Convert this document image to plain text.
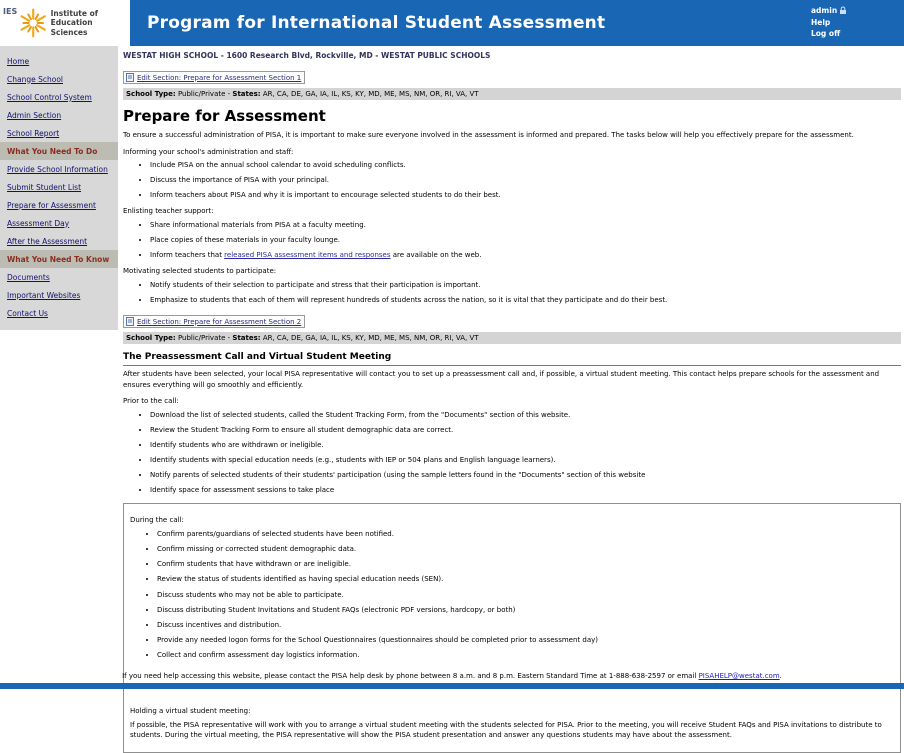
IES	Institute of
Education Sciences	Program for International Student Assessment
admin
Help
Log off
Home
Change School
School Control System
Admin Section
School Report
What You Need To Do
Provide School Information
Submit Student List
Prepare for Assessment
Assessment Day
After the Assessment
What You Need To Know
Documents
Important Websites
Contact Us
WESTAT HIGH SCHOOL - 1600 Research Blvd, Rockville, MD - WESTAT PUBLIC SCHOOLS
Edit Section: Prepare for Assessment Section 1
School Type: Public/Private - States: AR, CA, DE, GA, IA, IL, KS, KY, MD, ME, MS, NM, OR, RI, VA, VT
Prepare for Assessment

To ensure a successful administration of PISA, it is important to make sure everyone involved in the assessment is informed and prepared. The tasks below will help you effectively prepare for the assessment.

Informing your school's administration and staff:
• Include PISA on the annual school calendar to avoid scheduling conflicts.
• Discuss the importance of PISA with your principal.
• Inform teachers about PISA and why it is important to encourage selected students to do their best.
Enlisting teacher support:
• Share informational materials from PISA at a faculty meeting.
• Place copies of these materials in your faculty lounge.
• Inform teachers that released PISA assessment items and responses are available on the web.
Motivating selected students to participate:
• Notify students of their selection to participate and stress that their participation is important.
• Emphasize to students that each of them will represent hundreds of students across the nation, so it is vital that they participate and do their best.
Edit Section: Prepare for Assessment Section 2
School Type: Public/Private - States: AR, CA, DE, GA, IA, IL, KS, KY, MD, ME, MS, NM, OR, RI, VA, VT
The Preassessment Call and Virtual Student Meeting

After students have been selected, your local PISA representative will contact you to set up a preassessment call and, if possible, a virtual student meeting. This contact helps prepare schools for the assessment and ensures everything will go smoothly and efficiently.

Prior to the call:
• Download the list of selected students, called the Student Tracking Form, from the "Documents" section of this website.
• Review the Student Tracking Form to ensure all student demographic data are correct.
• Identify students who are withdrawn or ineligible.
• Identify students with special education needs (e.g., students with IEP or 504 plans and English language learners).
• Notify parents of selected students of their students' participation (using the sample letters found in the "Documents" section of this website
• Identify space for assessment sessions to take place
During the call:
• Confirm parents/guardians of selected students have been notified.
• Confirm missing or corrected student demographic data.
• Confirm students that have withdrawn or are ineligible.
• Review the status of students identified as having special education needs (SEN).
• Discuss students who may not be able to participate.
• Discuss distributing Student Invitations and Student FAQs (electronic PDF versions, hardcopy, or both)
• Discuss incentives and distribution.
• Provide any needed logon forms for the School Questionnaires (questionnaires should be completed prior to assessment day)
• Collect and confirm assessment day logistics information.
Holding a virtual student meeting:

If possible, the PISA representative will work with you to arrange a virtual student meeting with the students selected for PISA. Prior to the meeting, you will receive Student FAQs and PISA invitations to distribute to students. During the virtual meeting, the PISA representative will show the PISA student presentation and answer any questions students may have about the assessment.

If you need help accessing this website, please contact the PISA help desk by phone between 8 a.m. and 8 p.m. Eastern Standard Time at 1-888-638-2597 or email PISAHELP@westat.com.
